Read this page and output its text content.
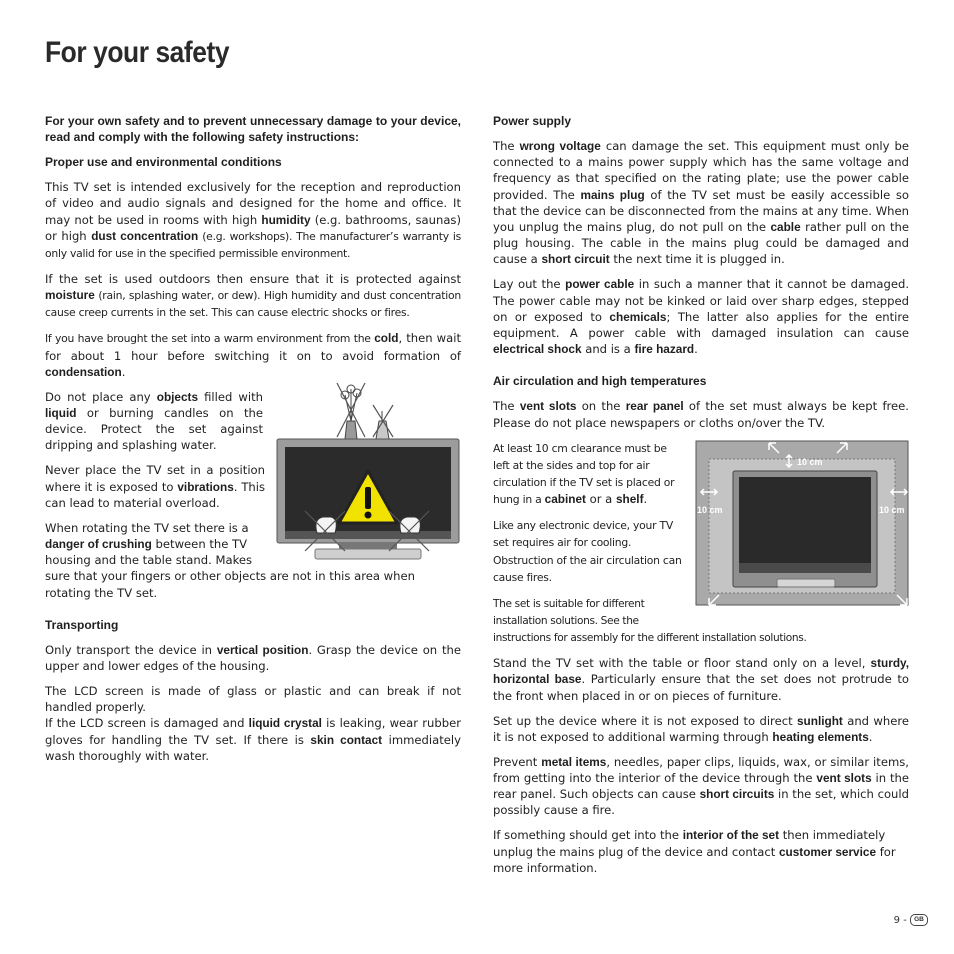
For your safety

For your own safety and to prevent unnecessary damage to your device, read and comply with the following safety instructions:

Proper use and environmental conditions

This TV set is intended exclusively for the reception and reproduction of video and audio signals and designed for the home and office. It may not be used in rooms with high humidity (e.g. bathrooms, saunas) or high dust concentration (e.g. workshops). The manufacturer’s warranty is only valid for use in the specified permissible environment.

If the set is used outdoors then ensure that it is protected against moisture (rain, splashing water, or dew). High humidity and dust concentration cause creep currents in the set. This can cause electric shocks or fires.

If you have brought the set into a warm environment from the cold, then wait for about 1 hour before switching it on to avoid formation of condensation.

Do not place any objects filled with liquid or burning candles on the device. Protect the set against dripping and splashing water.

Never place the TV set in a position where it is exposed to vibrations. This can lead to material overload.

When rotating the TV set there is a danger of crushing between the TV housing and the table stand. Makes sure that your fingers or other objects are not in this area when rotating the TV set.

Transporting

Only transport the device in vertical position. Grasp the device on the upper and lower edges of the housing.

The LCD screen is made of glass or plastic and can break if not handled properly.

If the LCD screen is damaged and liquid crystal is leaking, wear rubber gloves for handling the TV set. If there is skin contact immediately wash thoroughly with water.

Power supply

The wrong voltage can damage the set. This equipment must only be connected to a mains power supply which has the same voltage and frequency as that specified on the rating plate; use the power cable provided. The mains plug of the TV set must be easily accessible so that the device can be disconnected from the mains at any time. When you unplug the mains plug, do not pull on the cable rather pull on the plug housing. The cable in the mains plug could be damaged and cause a short circuit the next time it is plugged in.

Lay out the power cable in such a manner that it cannot be damaged. The power cable may not be kinked or laid over sharp edges, stepped on or exposed to chemicals; The latter also applies for the entire equipment. A power cable with damaged insulation can cause electrical shock and is a fire hazard.

Air circulation and high temperatures

The vent slots on the rear panel of the set must always be kept free. Please do not place newspapers or cloths on/over the TV.

10 cm
10 cm	10 cm

At least 10 cm clearance must be left at the sides and top for air circulation if the TV set is placed or hung in a cabinet or a shelf.

Like any electronic device, your TV set requires air for cooling. Obstruction of the air circulation can cause fires.

The set is suitable for different installation solutions. See the instructions for assembly for the different installation solutions.

Stand the TV set with the table or floor stand only on a level, sturdy, horizontal base. Particularly ensure that the set does not protrude to the front when placed in or on pieces of furniture.

Set up the device where it is not exposed to direct sunlight and where it is not exposed to additional warming through heating elements.

Prevent metal items, needles, paper clips, liquids, wax, or similar items, from getting into the interior of the device through the vent slots in the rear panel. Such objects can cause short circuits in the set, which could possibly cause a fire.

If something should get into the interior of the set then immediately unplug the mains plug of the device and contact customer service for more information.

9 - GB
